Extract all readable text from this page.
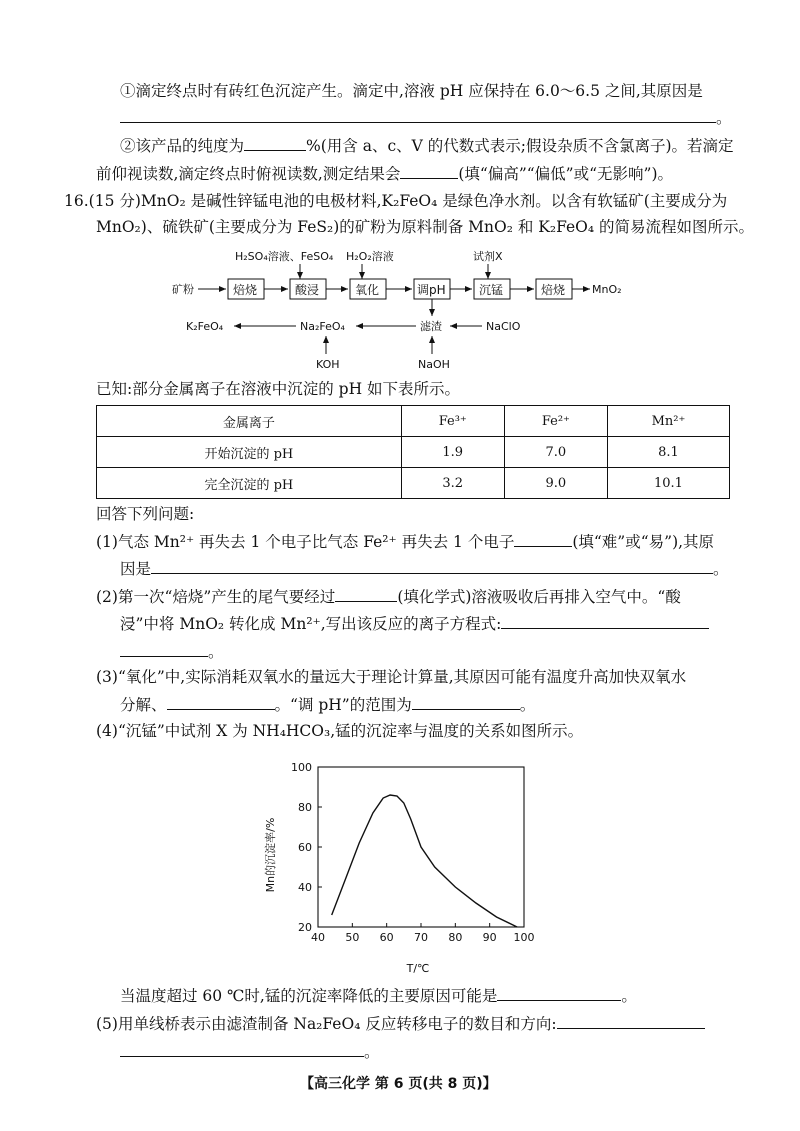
①滴定终点时有砖红色沉淀产生。滴定中,溶液 pH 应保持在 6.0～6.5 之间,其原因是
。
②该产品的纯度为	%(用含 a、c、V 的代数式表示;假设杂质不含氯离子)。若滴定
前仰视读数,滴定终点时俯视读数,测定结果会	(填“偏高”“偏低”或“无影响”)。
16.(15 分)MnO₂ 是碱性锌锰电池的电极材料,K₂FeO₄ 是绿色净水剂。以含有软锰矿(主要成分为
MnO₂)、硫铁矿(主要成分为 FeS₂)的矿粉为原料制备 MnO₂ 和 K₂FeO₄ 的简易流程如图所示。
H₂SO₄溶液、FeSO₄ H₂O₂溶液	试剂X
矿粉	焙烧	酸浸	氧化	调pH	沉锰	焙烧 MnO₂
滤渣	NaClO
NaOH
Na₂FeO₄
KOH
K₂FeO₄
已知:部分金属离子在溶液中沉淀的 pH 如下表所示。
金属离子	Fe³⁺	Fe²⁺	Mn²⁺
开始沉淀的 pH	1.9	7.0	8.1
完全沉淀的 pH	3.2	9.0	10.1
回答下列问题:
(1)气态 Mn²⁺ 再失去 1 个电子比气态 Fe²⁺ 再失去 1 个电子	(填“难”或“易”),其原
因是	。
(2)第一次“焙烧”产生的尾气要经过	(填化学式)溶液吸收后再排入空气中。“酸
浸”中将 MnO₂ 转化成 Mn²⁺,写出该反应的离子方程式:
。
(3)“氧化”中,实际消耗双氧水的量远大于理论计算量,其原因可能有温度升高加快双氧水
分解、	。“调 pH”的范围为	。
(4)“沉锰”中试剂 X 为 NH₄HCO₃,锰的沉淀率与温度的关系如图所示。
Mn的沉淀率/%
T/℃
40 50 60 70 80 90 100
20
40
60
80
100
当温度超过 60 ℃时,锰的沉淀率降低的主要原因可能是	。
(5)用单线桥表示由滤渣制备 Na₂FeO₄ 反应转移电子的数目和方向:
。
【高三化学 第 6 页(共 8 页)】
